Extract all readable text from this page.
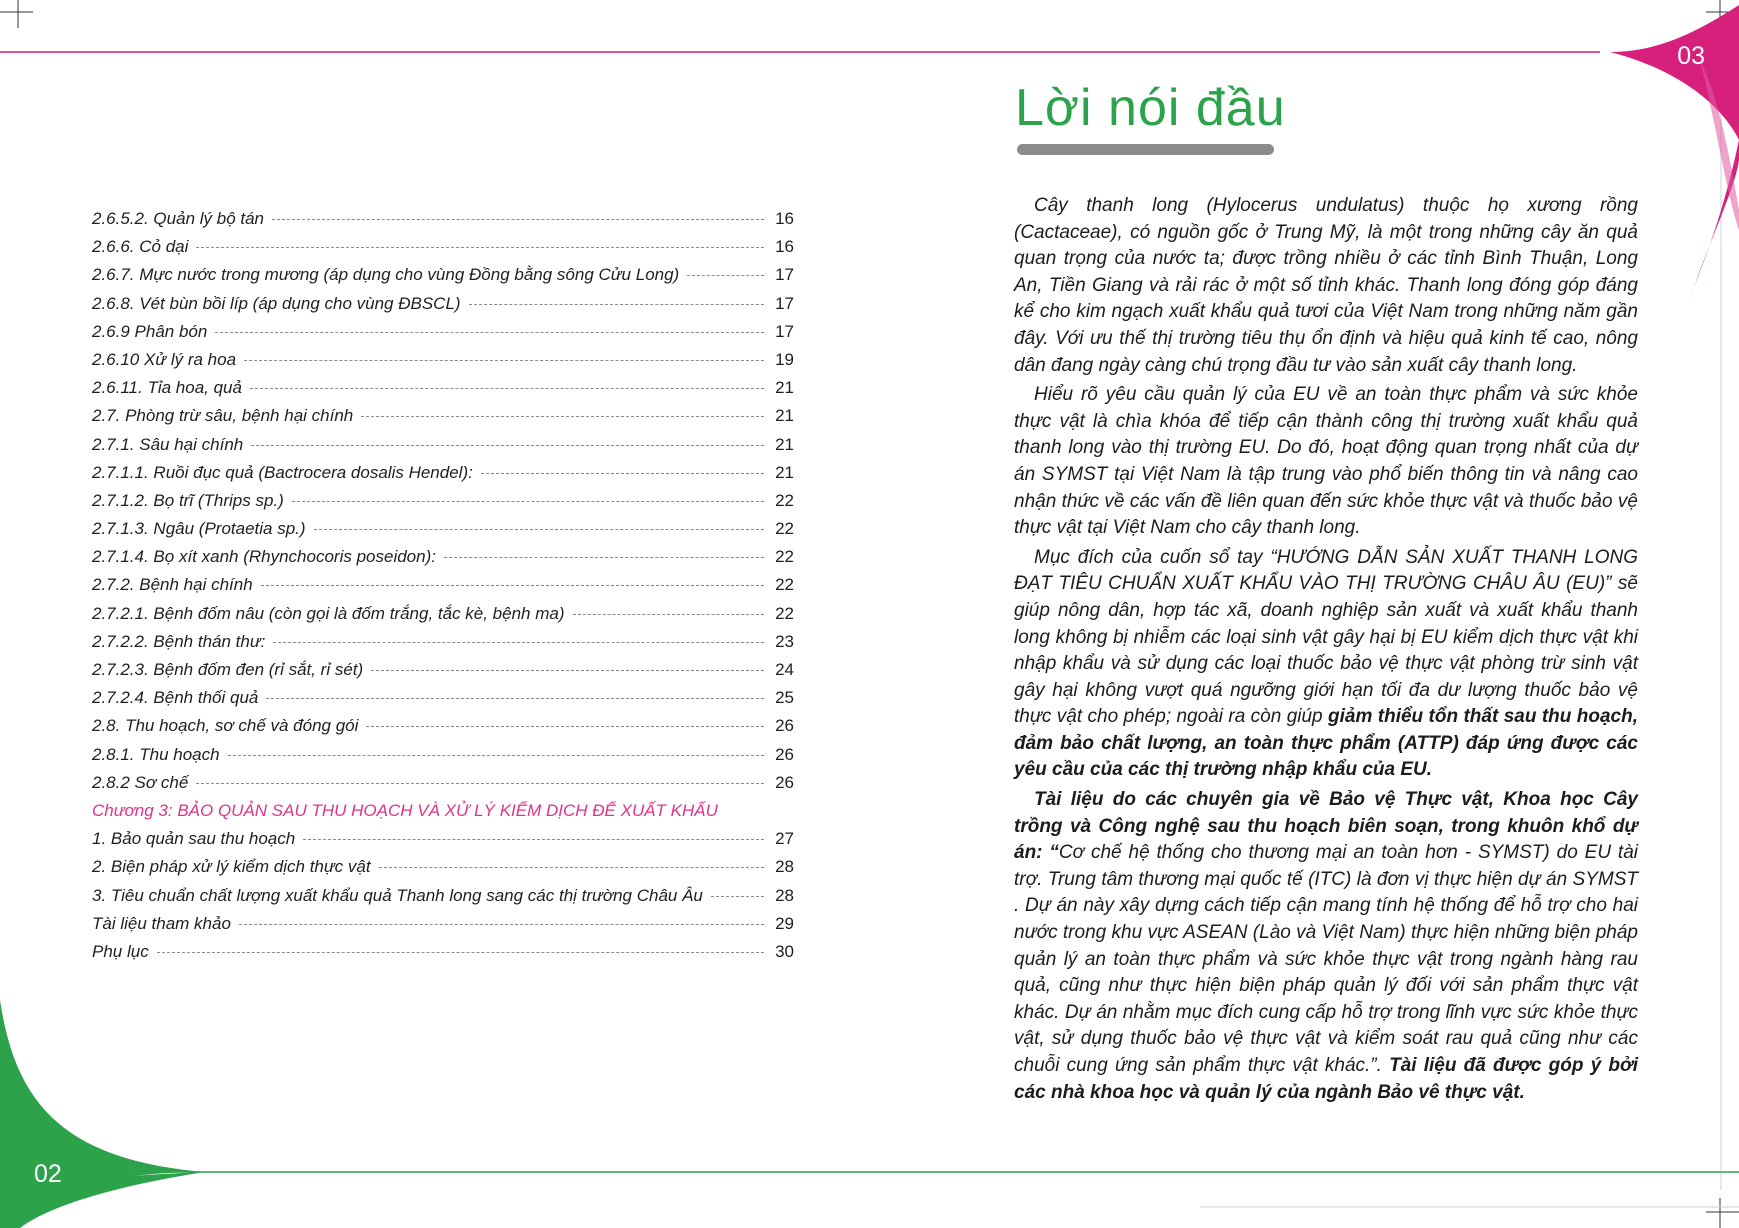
03
02
2.6.5.2. Quản lý bộ tán	16
2.6.6. Cỏ dại	16
2.6.7. Mực nước trong mương (áp dụng cho vùng Đồng bằng sông Cửu Long)	17
2.6.8. Vét bùn bồi líp (áp dụng cho vùng ĐBSCL)	17
2.6.9 Phân bón	17
2.6.10 Xử lý ra hoa	19
2.6.11. Tỉa hoa, quả	21
2.7. Phòng trừ sâu, bệnh hại chính	21
2.7.1. Sâu hại chính	21
2.7.1.1. Ruồi đục quả (Bactrocera dosalis Hendel):	21
2.7.1.2. Bọ trĩ (Thrips sp.)	22
2.7.1.3. Ngâu (Protaetia sp.)	22
2.7.1.4. Bọ xít xanh (Rhynchocoris poseidon):	22
2.7.2. Bệnh hại chính	22
2.7.2.1. Bệnh đốm nâu (còn gọi là đốm trắng, tắc kè, bệnh ma)	22
2.7.2.2. Bệnh thán thư:	23
2.7.2.3. Bệnh đốm đen (rỉ sắt, rỉ sét)	24
2.7.2.4. Bệnh thối quả	25
2.8. Thu hoạch, sơ chế và đóng gói	26
2.8.1. Thu hoạch	26
2.8.2 Sơ chế	26
Chương 3: BẢO QUẢN SAU THU HOẠCH VÀ XỬ LÝ KIỂM DỊCH ĐỂ XUẤT KHẨU
1. Bảo quản sau thu hoạch	27
2. Biện pháp xử lý kiểm dịch thực vật	28
3. Tiêu chuẩn chất lượng xuất khẩu quả Thanh long sang các thị trường Châu Âu	28
Tài liệu tham khảo	29
Phụ lục	30
Lời nói đầu

Cây thanh long (Hylocerus undulatus) thuộc họ xương rồng (Cactaceae), có nguồn gốc ở Trung Mỹ, là một trong những cây ăn quả quan trọng của nước ta; được trồng nhiều ở các tỉnh Bình Thuận, Long An, Tiền Giang và rải rác ở một số tỉnh khác. Thanh long đóng góp đáng kể cho kim ngạch xuất khẩu quả tươi của Việt Nam trong những năm gần đây. Với ưu thế thị trường tiêu thụ ổn định và hiệu quả kinh tế cao, nông dân đang ngày càng chú trọng đầu tư vào sản xuất cây thanh long.

Hiểu rõ yêu cầu quản lý của EU về an toàn thực phẩm và sức khỏe thực vật là chìa khóa để tiếp cận thành công thị trường xuất khẩu quả thanh long vào thị trường EU. Do đó, hoạt động quan trọng nhất của dự án SYMST tại Việt Nam là tập trung vào phổ biến thông tin và nâng cao nhận thức về các vấn đề liên quan đến sức khỏe thực vật và thuốc bảo vệ thực vật tại Việt Nam cho cây thanh long.

Mục đích của cuốn sổ tay “HƯỚNG DẪN SẢN XUẤT THANH LONG ĐẠT TIÊU CHUẨN XUẤT KHẨU VÀO THỊ TRƯỜNG CHÂU ÂU (EU)” sẽ giúp nông dân, hợp tác xã, doanh nghiệp sản xuất và xuất khẩu thanh long không bị nhiễm các loại sinh vật gây hại bị EU kiểm dịch thực vật khi nhập khẩu và sử dụng các loại thuốc bảo vệ thực vật phòng trừ sinh vật gây hại không vượt quá ngưỡng giới hạn tối đa dư lượng thuốc bảo vệ thực vật cho phép; ngoài ra còn giúp giảm thiểu tổn thất sau thu hoạch, đảm bảo chất lượng, an toàn thực phẩm (ATTP) đáp ứng được các yêu cầu của các thị trường nhập khẩu của EU.

Tài liệu do các chuyên gia về Bảo vệ Thực vật, Khoa học Cây trồng và Công nghệ sau thu hoạch biên soạn, trong khuôn khổ dự án: “Cơ chế hệ thống cho thương mại an toàn hơn - SYMST) do EU tài trợ. Trung tâm thương mại quốc tế (ITC) là đơn vị thực hiện dự án SYMST . Dự án này xây dựng cách tiếp cận mang tính hệ thống để hỗ trợ cho hai nước trong khu vực ASEAN (Lào và Việt Nam) thực hiện những biện pháp quản lý an toàn thực phẩm và sức khỏe thực vật trong ngành hàng rau quả, cũng như thực hiện biện pháp quản lý đối với sản phẩm thực vật khác. Dự án nhằm mục đích cung cấp hỗ trợ trong lĩnh vực sức khỏe thực vật, sử dụng thuốc bảo vệ thực vật và kiểm soát rau quả cũng như các chuỗi cung ứng sản phẩm thực vật khác.”. Tài liệu đã được góp ý bởi các nhà khoa học và quản lý của ngành Bảo vê thực vật.
